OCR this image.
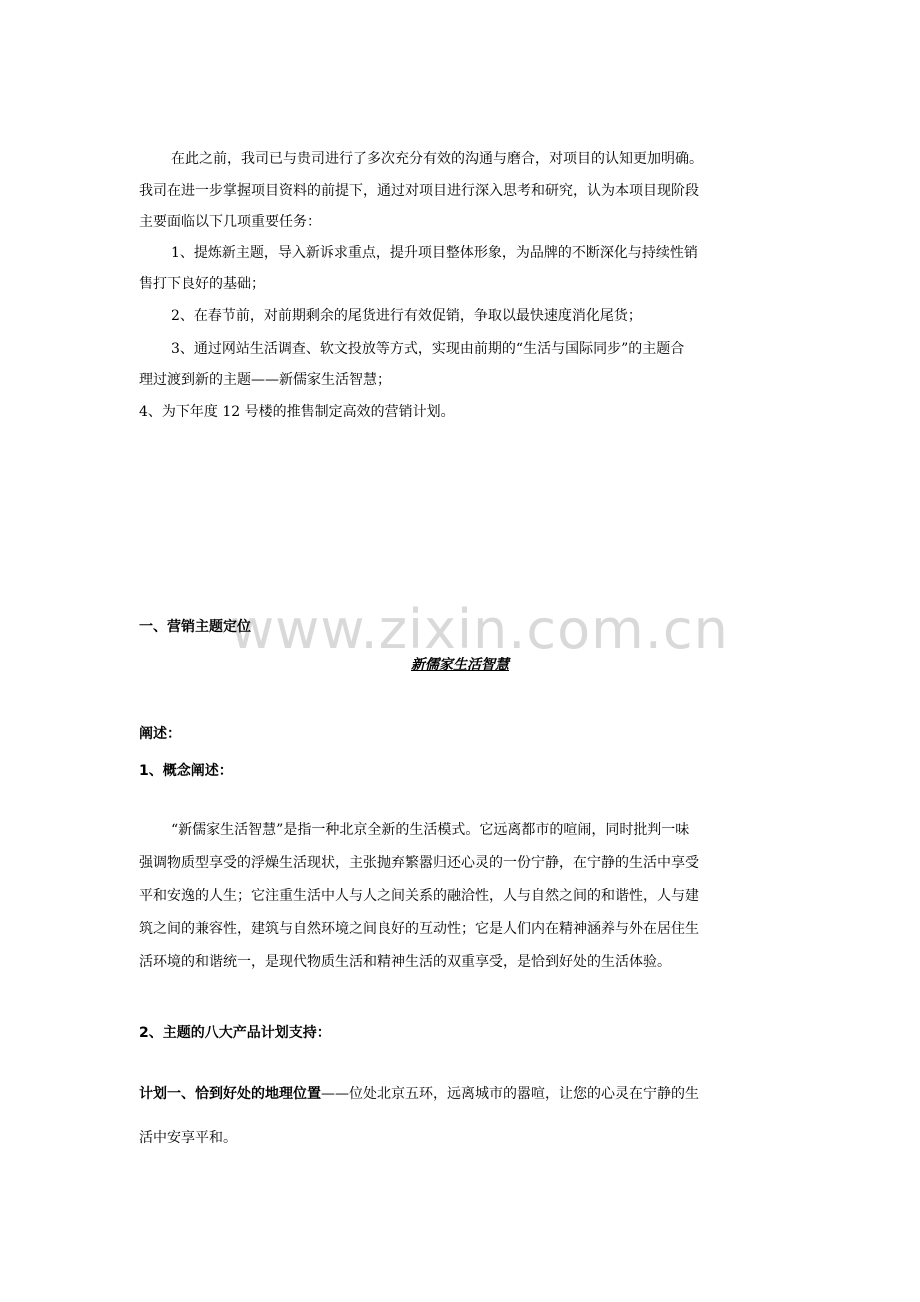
www.zixin.com.cn
在此之前，我司已与贵司进行了多次充分有效的沟通与磨合，对项目的认知更加明确。
我司在进一步掌握项目资料的前提下，通过对项目进行深入思考和研究，认为本项目现阶段
主要面临以下几项重要任务：
1、提炼新主题，导入新诉求重点，提升项目整体形象，为品牌的不断深化与持续性销
售打下良好的基础；
2、在春节前，对前期剩余的尾货进行有效促销，争取以最快速度消化尾货；
3、通过网站生活调查、软文投放等方式，实现由前期的“生活与国际同步”的主题合
理过渡到新的主题——新儒家生活智慧；
4、为下年度 12 号楼的推售制定高效的营销计划。
一、营销主题定位
新儒家生活智慧
阐述：
1、概念阐述：
“新儒家生活智慧”是指一种北京全新的生活模式。它远离都市的喧闹，同时批判一味
强调物质型享受的浮燥生活现状，主张抛弃繁嚣归还心灵的一份宁静，在宁静的生活中享受
平和安逸的人生；它注重生活中人与人之间关系的融洽性，人与自然之间的和谐性，人与建
筑之间的兼容性，建筑与自然环境之间良好的互动性；它是人们内在精神涵养与外在居住生
活环境的和谐统一，是现代物质生活和精神生活的双重享受，是恰到好处的生活体验。
2、主题的八大产品计划支持：
计划一、恰到好处的地理位置——位处北京五环，远离城市的嚣喧，让您的心灵在宁静的生
活中安享平和。
